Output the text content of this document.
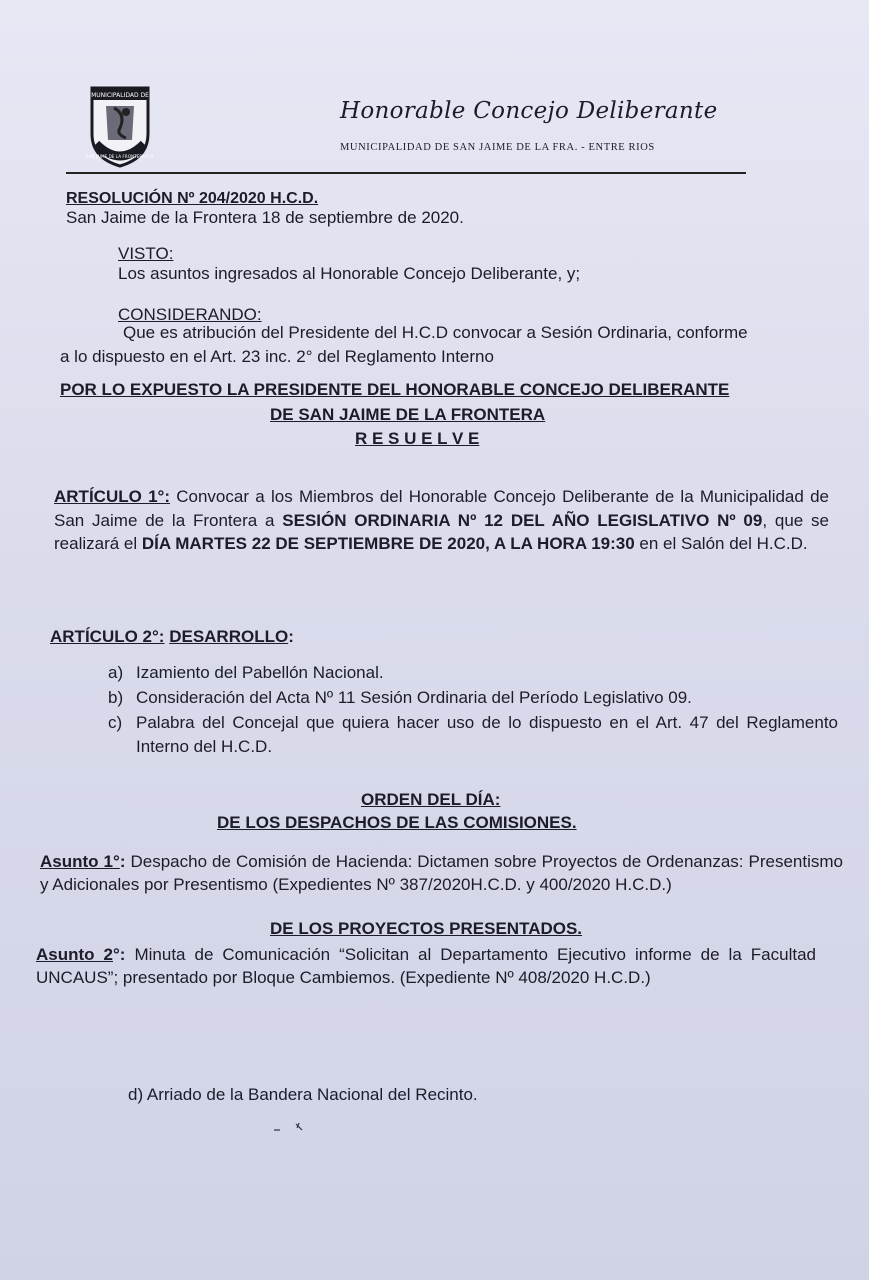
MUNICIPALIDAD DE
SAN JAIME DE LA FRONTERA E.R.
Honorable Concejo Deliberante
MUNICIPALIDAD DE SAN JAIME DE LA FRA. - ENTRE RIOS
RESOLUCIÓN Nº 204/2020 H.C.D.
San Jaime de la Frontera 18 de septiembre de 2020.
VISTO:
Los asuntos ingresados al Honorable Concejo Deliberante, y;
CONSIDERANDO:
Que es atribución del Presidente del H.C.D convocar a Sesión Ordinaria, conforme
a lo dispuesto en el Art. 23 inc. 2° del Reglamento Interno
POR LO EXPUESTO LA PRESIDENTE DEL HONORABLE CONCEJO DELIBERANTE
DE SAN JAIME DE LA FRONTERA
R E S U E L V E
ARTÍCULO 1°: Convocar a los Miembros del Honorable Concejo Deliberante de la Municipalidad de San Jaime de la Frontera a SESIÓN ORDINARIA Nº 12 DEL AÑO LEGISLATIVO Nº 09, que se realizará el DÍA MARTES 22 DE SEPTIEMBRE DE 2020, A LA HORA 19:30 en el Salón del H.C.D.
ARTÍCULO 2°: DESARROLLO:
a) Izamiento del Pabellón Nacional.
b) Consideración del Acta Nº 11 Sesión Ordinaria del Período Legislativo 09.
c) Palabra del Concejal que quiera hacer uso de lo dispuesto en el Art. 47 del Reglamento Interno del H.C.D.
ORDEN DEL DÍA:
DE LOS DESPACHOS DE LAS COMISIONES.
Asunto 1°: Despacho de Comisión de Hacienda: Dictamen sobre Proyectos de Ordenanzas: Presentismo y Adicionales por Presentismo (Expedientes Nº 387/2020H.C.D. y 400/2020 H.C.D.)
DE LOS PROYECTOS PRESENTADOS.
Asunto 2°: Minuta de Comunicación “Solicitan al Departamento Ejecutivo informe de la Facultad UNCAUS”; presentado por Bloque Cambiemos. (Expediente Nº 408/2020 H.C.D.)
d) Arriado de la Bandera Nacional del Recinto.
